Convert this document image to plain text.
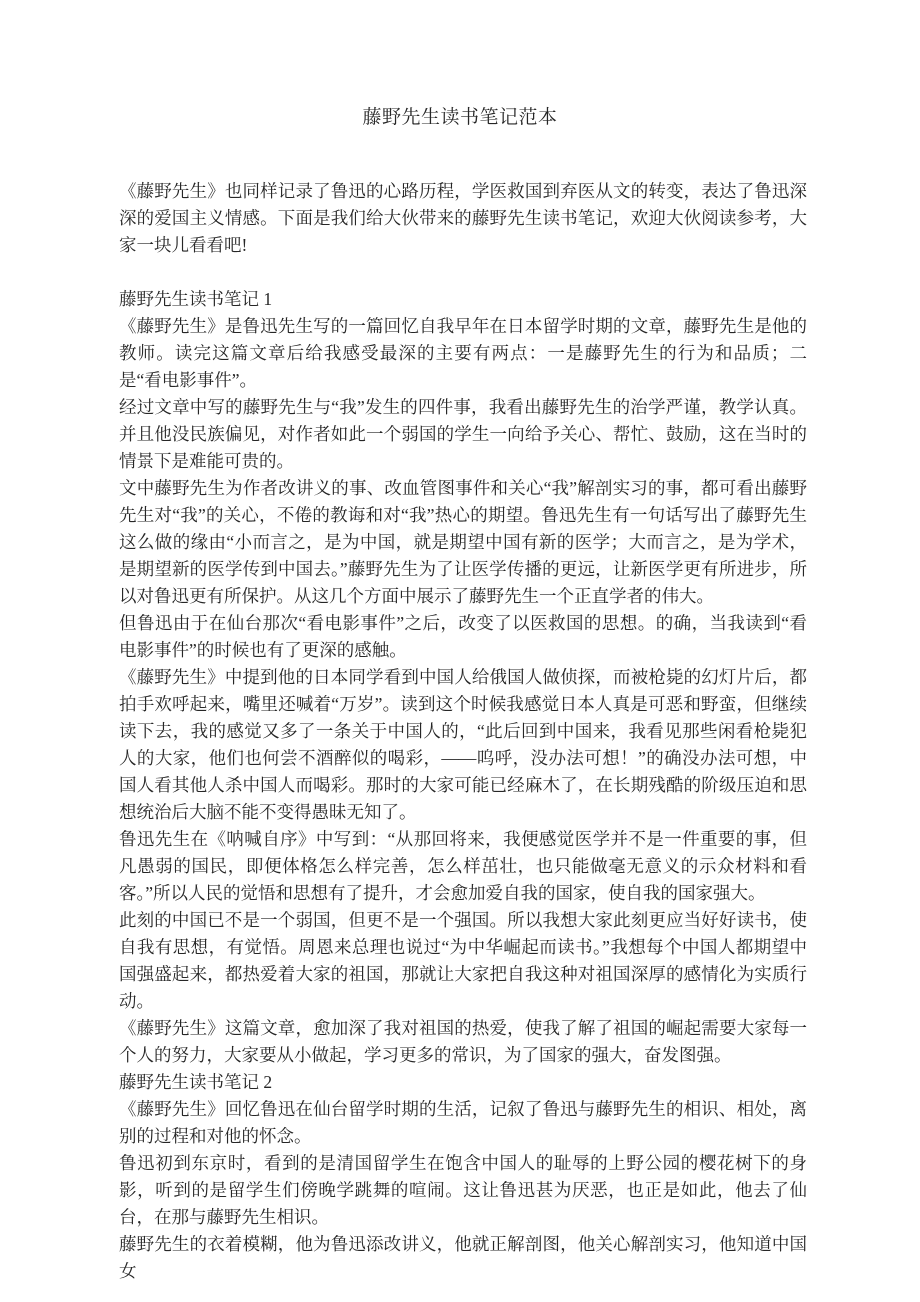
藤野先生读书笔记范本

《藤野先生》也同样记录了鲁迅的心路历程，学医救国到弃医从文的转变，表达了鲁迅深深的爱国主义情感。下面是我们给大伙带来的藤野先生读书笔记，欢迎大伙阅读参考，大家一块儿看看吧!

藤野先生读书笔记 1

《藤野先生》是鲁迅先生写的一篇回忆自我早年在日本留学时期的文章，藤野先生是他的教师。读完这篇文章后给我感受最深的主要有两点：一是藤野先生的行为和品质；二是“看电影事件”。

经过文章中写的藤野先生与“我”发生的四件事，我看出藤野先生的治学严谨，教学认真。并且他没民族偏见，对作者如此一个弱国的学生一向给予关心、帮忙、鼓励，这在当时的情景下是难能可贵的。

文中藤野先生为作者改讲义的事、改血管图事件和关心“我”解剖实习的事，都可看出藤野先生对“我”的关心，不倦的教诲和对“我”热心的期望。鲁迅先生有一句话写出了藤野先生这么做的缘由“小而言之，是为中国，就是期望中国有新的医学；大而言之，是为学术，是期望新的医学传到中国去。”藤野先生为了让医学传播的更远，让新医学更有所进步，所以对鲁迅更有所保护。从这几个方面中展示了藤野先生一个正直学者的伟大。

但鲁迅由于在仙台那次“看电影事件”之后，改变了以医救国的思想。的确，当我读到“看电影事件”的时候也有了更深的感触。

《藤野先生》中提到他的日本同学看到中国人给俄国人做侦探，而被枪毙的幻灯片后，都拍手欢呼起来，嘴里还喊着“万岁”。读到这个时候我感觉日本人真是可恶和野蛮，但继续读下去，我的感觉又多了一条关于中国人的，“此后回到中国来，我看见那些闲看枪毙犯人的大家，他们也何尝不酒醉似的喝彩，——呜呼，没办法可想！”的确没办法可想，中国人看其他人杀中国人而喝彩。那时的大家可能已经麻木了，在长期残酷的阶级压迫和思想统治后大脑不能不变得愚昧无知了。

鲁迅先生在《呐喊自序》中写到：“从那回将来，我便感觉医学并不是一件重要的事，但凡愚弱的国民，即便体格怎么样完善，怎么样茁壮，也只能做毫无意义的示众材料和看客。”所以人民的觉悟和思想有了提升，才会愈加爱自我的国家，使自我的国家强大。

此刻的中国已不是一个弱国，但更不是一个强国。所以我想大家此刻更应当好好读书，使自我有思想，有觉悟。周恩来总理也说过“为中华崛起而读书。”我想每个中国人都期望中国强盛起来，都热爱着大家的祖国，那就让大家把自我这种对祖国深厚的感情化为实质行动。

《藤野先生》这篇文章，愈加深了我对祖国的热爱，使我了解了祖国的崛起需要大家每一个人的努力，大家要从小做起，学习更多的常识，为了国家的强大，奋发图强。

藤野先生读书笔记 2

《藤野先生》回忆鲁迅在仙台留学时期的生活，记叙了鲁迅与藤野先生的相识、相处，离别的过程和对他的怀念。

鲁迅初到东京时，看到的是清国留学生在饱含中国人的耻辱的上野公园的樱花树下的身影，听到的是留学生们傍晚学跳舞的喧闹。这让鲁迅甚为厌恶，也正是如此，他去了仙台，在那与藤野先生相识。

藤野先生的衣着模糊，他为鲁迅添改讲义，他就正解剖图，他关心解剖实习，他知道中国女
